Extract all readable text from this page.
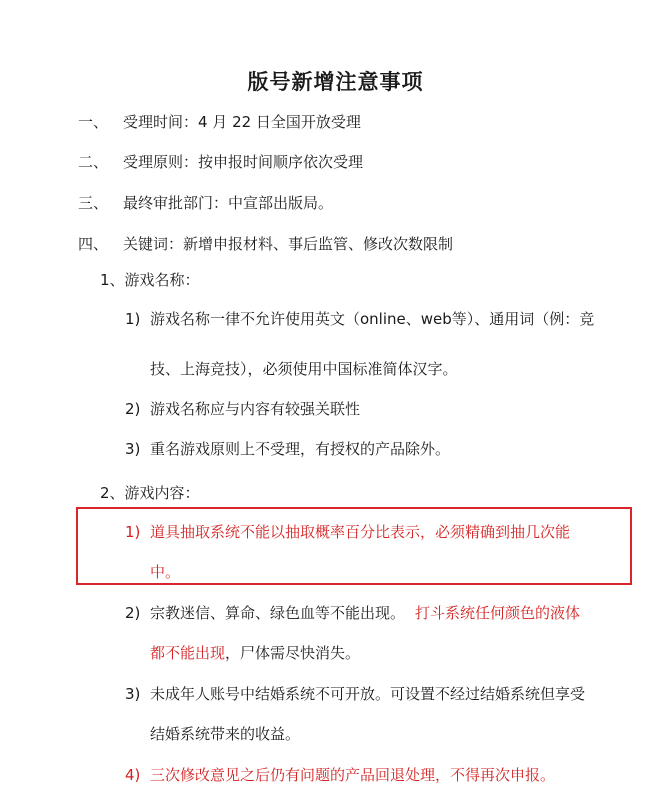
版号新增注意事项
一、 受理时间：4 月 22 日全国开放受理
二、 受理原则：按申报时间顺序依次受理
三、 最终审批部门：中宣部出版局。
四、 关键词：新增申报材料、事后监管、修改次数限制
1、游戏名称：
1) 游戏名称一律不允许使用英文（online、web等）、通用词（例：竞
技、上海竞技），必须使用中国标准简体汉字。
2) 游戏名称应与内容有较强关联性
3) 重名游戏原则上不受理，有授权的产品除外。
2、游戏内容：
1) 道具抽取系统不能以抽取概率百分比表示，必须精确到抽几次能
中。
2) 宗教迷信、算命、绿色血等不能出现。 打斗系统任何颜色的液体
都不能出现，尸体需尽快消失。
3) 未成年人账号中结婚系统不可开放。可设置不经过结婚系统但享受
结婚系统带来的收益。
4) 三次修改意见之后仍有问题的产品回退处理，不得再次申报。
